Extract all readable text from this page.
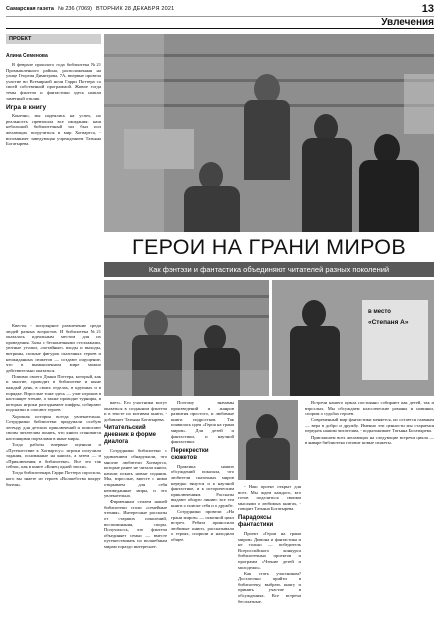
Самарская газета № 236 (7069) ВТОРНИК 28 ДЕКАБРЯ 2021	13
Увлечения
ПРОЕКТ
Алина Семенова

В феврале прошлого года библиотека №21 Промышленного района, расположенная на улице Георгия Димитрова, 7А, впервые провела участие во Всемирной ночи Гарри Поттера со своей собственной программой. Живое тогда темы фэнтези и фантастики здесь нашли заметный отклик.

Игра в книгу

Конечно, мы надеялись на успех, но реальность превзошла все ожидания: наш небольшой библиотечный зал был пол желающих погрузиться в мир Хогвартса, - вспоминает заведующая учреждением Татьяна Богатырева.

Квесты - популярное развлечение среди людей разных возрастов. И библиотека №21 оказалась идеальным местом для их проведения. Залы с бесконечными стеллажами, уютные уголки, «потайные» входы и выходы, витрины, полные фигурок сказочных героев и неожиданных сюжетов — создают ощущение, что в вымышленном мире можно действительно оказаться.

Помимо своего Дэнни Поттера, который, как и многие, проводит в библиотеке и ныне каждый день, в своих отделах, в крупных и в порядке. Взрослые тоже здесь — учат игроков в настоящее чтение, а также проводят турниры, в которых игроки разгадывают шифры, собирают подсказки и спасают героев.

Хорошая история всегда увлекательна. Сотрудники библиотеки придумали особую легенду для детских приключений и помогают своим читателям понять, что книги становятся настоящими порталами в иные миры.

Тогда работы впервые оценили и «Путешествие к Хогвартсу»: игроки получили задания, основанные на книгах, а затем — и «Приключения в библиотеке». Все это так сейчас, как в книге «Конец одной эпохи».

Тогда библиотекарь Гарри Поттера спросила, кого вы знаете из героев «Волшебства вокруг бытия».

ГЕРОИ НА ГРАНИ МИРОВ
Как фэнтэзи и фантастика объединяют читателей разных поколений
в место
«Степаня А»

вает». Его участники могут оказаться в созданном фэнтези и в тексте по мотивам книги, - добавляет Татьяна Богатырева.

Читательский дневник в форме диалога

Сотрудники библиотеки с удивлением обнаружили, что многие любители Хогвартса, которые ранее не читали книги, начали искать новые издания. Мы, взрослые, вместе с ними открываем для себя неизведанные миры, и это увлекательно.

Фирменным стилем нашей библиотеки стали «семейные чтения». Интересные рассказы от старших поколений, воспоминания, споры. Получилось, что фэнтези объединяет семьи — вместе путешествовать по волшебным мирам гораздо интереснее.

Поэтому значимы произведений и жанров развития простого, и любимые книги подростков. Так появилась идея «Героя на грани миров». Для детей и фантастики, и научной фантастики.

Перекрестки сюжетов

Практика наших обсуждений показала, что любители сказочных миров нередко тянутся и к научной фантастике, и к историческим приключениям. Рассказы выдают общую линию: все эти книги о поиске себя и о дружбе.

Сотрудники провели «На грани миров» — сквозной цикл встреч. Ребята приносили любимые книги, рассказывали о героях, спорили и находили общее.

- Наш проект открыт для всех. Мы ждем каждого, кто готов поделиться своими мыслями о любимых книгах, - говорит Татьяна Богатырева.

Парадоксы фантастики

Проект «Герои на грани миров» Димона и фантастика и не только — победитель Всероссийского конкурса библиотечных проектов и программ «Чтение детей и молодежи».

Как стать участником? Достаточно прийти в библиотеку, выбрать книгу и принять участие в обсуждениях. Все встречи бесплатные.

Встречи нашего цикла постоянно собирают как детей, так и взрослых. Мы обсуждаем классические романы и новинки, спорим о судьбах героев.

Современный мир фантастики меняется, но остается главным — вера в добро и дружбу. Именно эти ценности мы стараемся передать нашим читателям, - подытоживает Татьяна Богатырева.

Приглашаем всех желающих на следующие встречи цикла — в январе библиотека готовит новые сюжеты.
